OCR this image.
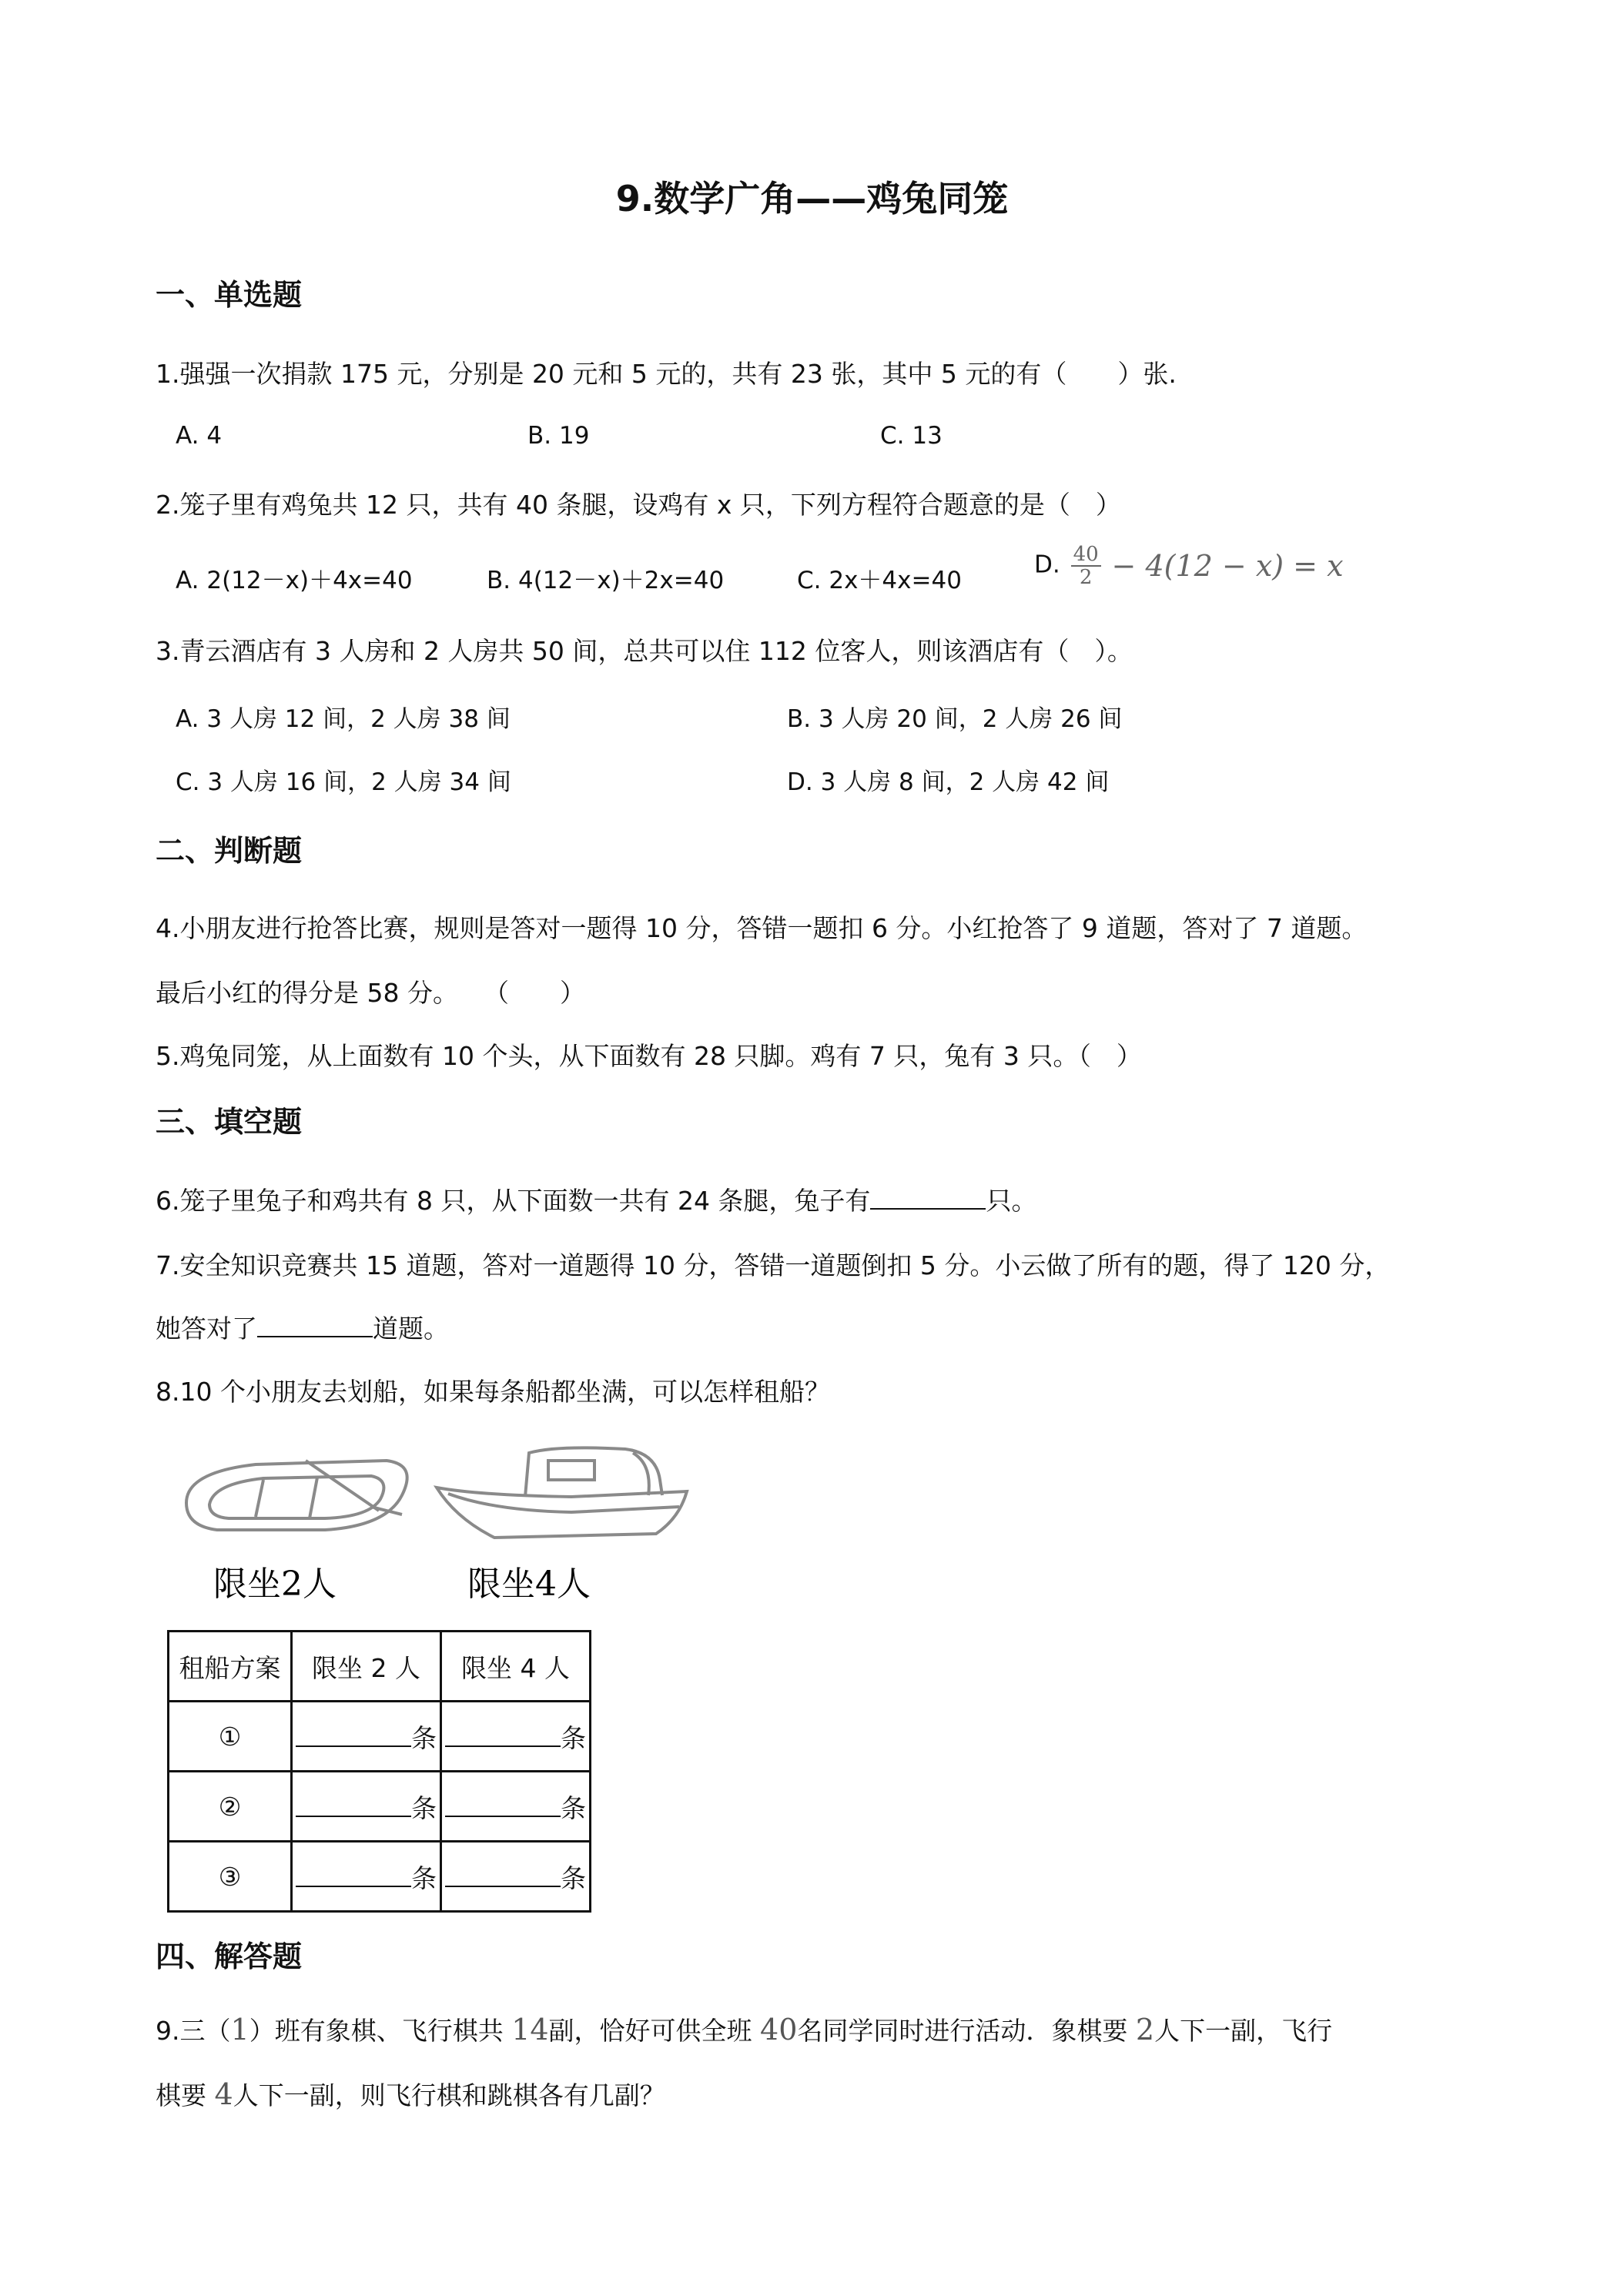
9.数学广角——鸡兔同笼
一、单选题
1.强强一次捐款 175 元，分别是 20 元和 5 元的，共有 23 张，其中 5 元的有（　　）张.
A. 4	B. 19	C. 13
2.笼子里有鸡兔共 12 只，共有 40 条腿，设鸡有 x 只，下列方程符合题意的是（　）
A. 2(12－x)＋4x=40	B. 4(12－x)＋2x=40	C. 2x＋4x=40
D. $\frac{40}{2} - 4(12 - x) = x$
3.青云酒店有 3 人房和 2 人房共 50 间，总共可以住 112 位客人，则该酒店有（　）。
A. 3 人房 12 间，2 人房 38 间	B. 3 人房 20 间，2 人房 26 间
C. 3 人房 16 间，2 人房 34 间	D. 3 人房 8 间，2 人房 42 间
二、判断题
4.小朋友进行抢答比赛，规则是答对一题得 10 分，答错一题扣 6 分。小红抢答了 9 道题，答对了 7 道题。
最后小红的得分是 58 分。　　（　　）
5.鸡兔同笼，从上面数有 10 个头，从下面数有 28 只脚。鸡有 7 只，兔有 3 只。（　）
三、填空题
6.笼子里兔子和鸡共有 8 只，从下面数一共有 24 条腿，兔子有	只。
7.安全知识竞赛共 15 道题，答对一道题得 10 分，答错一道题倒扣 5 分。小云做了所有的题，得了 120 分，
她答对了	道题。
8.10 个小朋友去划船，如果每条船都坐满，可以怎样租船？
限坐2人	限坐4人
租船方案	限坐 2 人	限坐 4 人
①	条	条
②	条	条
③	条	条
四、解答题
9.三（1）班有象棋、飞行棋共 14副，恰好可供全班 40名同学同时进行活动．象棋要 2人下一副，飞行
棋要 4人下一副，则飞行棋和跳棋各有几副？
